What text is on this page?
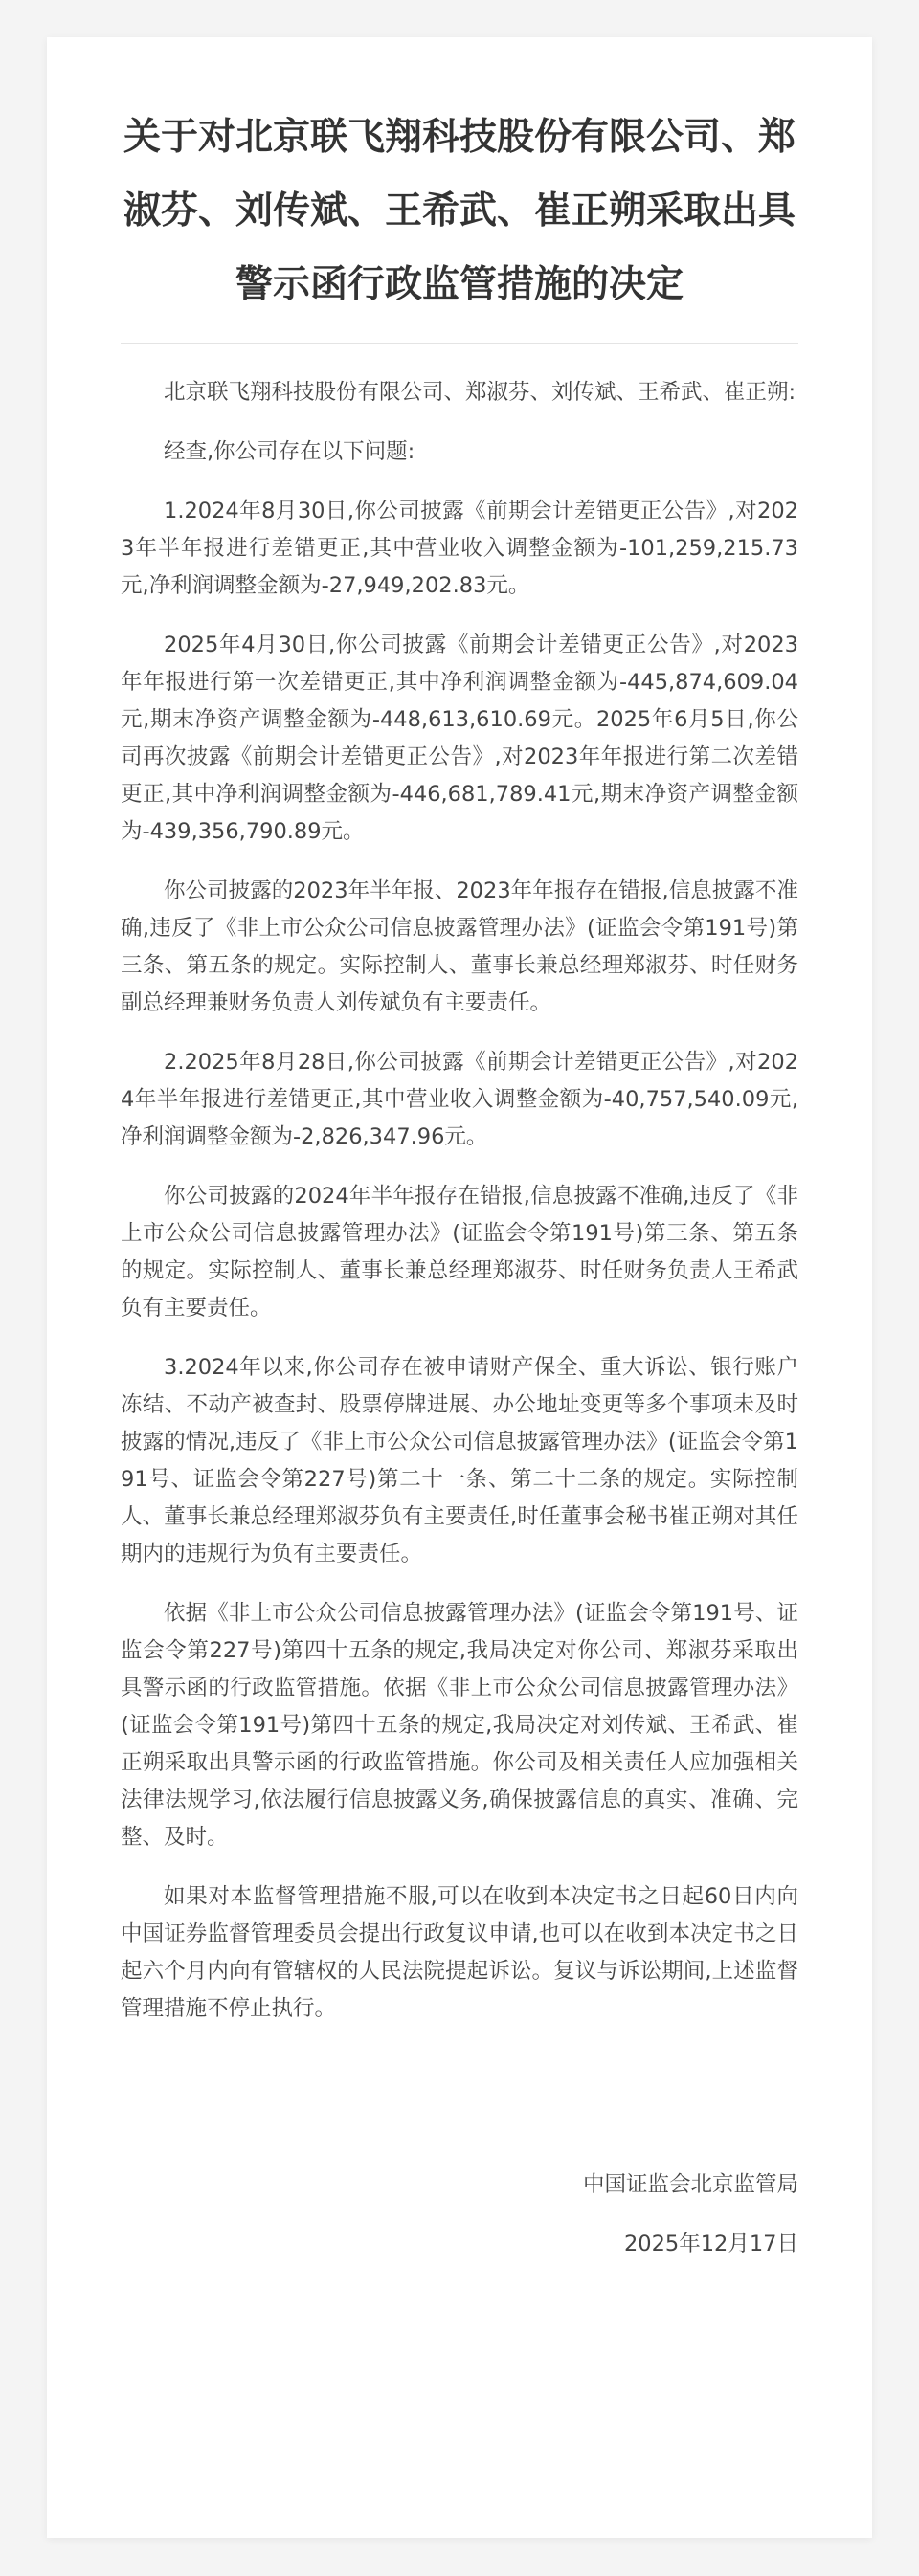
关于对北京联飞翔科技股份有限公司、郑淑芬、刘传斌、王希武、崔正朔采取出具警示函行政监管措施的决定

北京联飞翔科技股份有限公司、郑淑芬、刘传斌、王希武、崔正朔:

经查,你公司存在以下问题:

1.2024年8月30日,你公司披露《前期会计差错更正公告》,对2023年半年报进行差错更正,其中营业收入调整金额为-101,259,215.73元,净利润调整金额为-27,949,202.83元。

2025年4月30日,你公司披露《前期会计差错更正公告》,对2023年年报进行第一次差错更正,其中净利润调整金额为-445,874,609.04元,期末净资产调整金额为-448,613,610.69元。2025年6月5日,你公司再次披露《前期会计差错更正公告》,对2023年年报进行第二次差错更正,其中净利润调整金额为-446,681,789.41元,期末净资产调整金额为-439,356,790.89元。

你公司披露的2023年半年报、2023年年报存在错报,信息披露不准确,违反了《非上市公众公司信息披露管理办法》(证监会令第191号)第三条、第五条的规定。实际控制人、董事长兼总经理郑淑芬、时任财务副总经理兼财务负责人刘传斌负有主要责任。

2.2025年8月28日,你公司披露《前期会计差错更正公告》,对2024年半年报进行差错更正,其中营业收入调整金额为-40,757,540.09元,净利润调整金额为-2,826,347.96元。

你公司披露的2024年半年报存在错报,信息披露不准确,违反了《非上市公众公司信息披露管理办法》(证监会令第191号)第三条、第五条的规定。实际控制人、董事长兼总经理郑淑芬、时任财务负责人王希武负有主要责任。

3.2024年以来,你公司存在被申请财产保全、重大诉讼、银行账户冻结、不动产被查封、股票停牌进展、办公地址变更等多个事项未及时披露的情况,违反了《非上市公众公司信息披露管理办法》(证监会令第191号、证监会令第227号)第二十一条、第二十二条的规定。实际控制人、董事长兼总经理郑淑芬负有主要责任,时任董事会秘书崔正朔对其任期内的违规行为负有主要责任。

依据《非上市公众公司信息披露管理办法》(证监会令第191号、证监会令第227号)第四十五条的规定,我局决定对你公司、郑淑芬采取出具警示函的行政监管措施。依据《非上市公众公司信息披露管理办法》(证监会令第191号)第四十五条的规定,我局决定对刘传斌、王希武、崔正朔采取出具警示函的行政监管措施。你公司及相关责任人应加强相关法律法规学习,依法履行信息披露义务,确保披露信息的真实、准确、完整、及时。

如果对本监督管理措施不服,可以在收到本决定书之日起60日内向中国证券监督管理委员会提出行政复议申请,也可以在收到本决定书之日起六个月内向有管辖权的人民法院提起诉讼。复议与诉讼期间,上述监督管理措施不停止执行。

中国证监会北京监管局
2025年12月17日
